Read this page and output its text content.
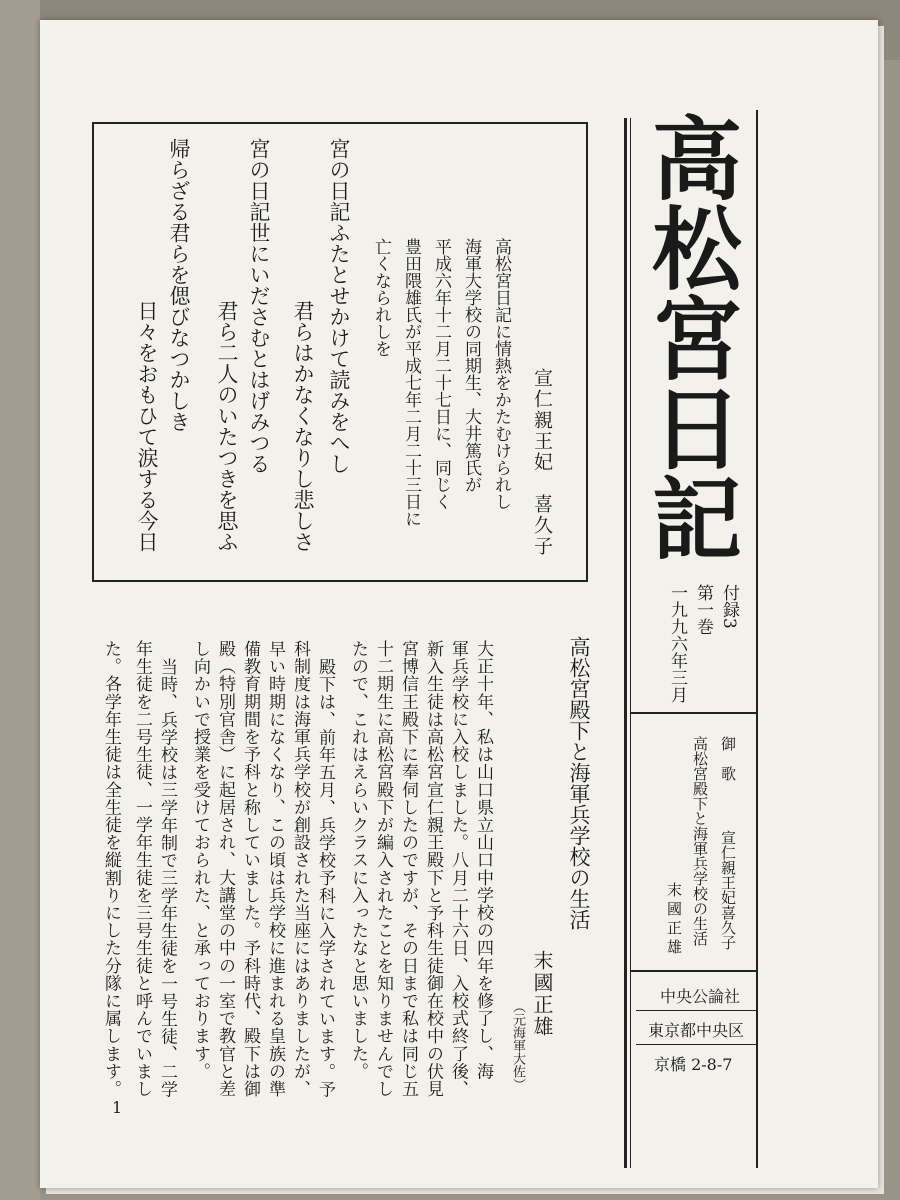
高松宮日記
付録3
第一巻
一九九六年三月
御　歌
宣仁親王妃喜久子
高松宮殿下と海軍兵学校の生活
末國正雄
中央公論社
東京都中央区
京橋 2-8-7
宣仁親王妃　喜久子
高松宮日記に情熱をかたむけられし
海軍大学校の同期生、大井篤氏が
平成六年十二月二十七日に、同じく
豊田隈雄氏が平成七年二月二十三日に
亡くなられしを
宮の日記ふたとせかけて読みをへし
君らはかなくなりし悲しさ
宮の日記世にいださむとはげみつる
君ら二人のいたつきを思ふ
帰らざる君らを偲びなつかしき
日々をおもひて涙する今日
高松宮殿下と海軍兵学校の生活
末國正雄
（元海軍大佐）
大正十年、私は山口県立山口中学校の四年を修了し、海
軍兵学校に入校しました。八月二十六日、入校式終了後、
新入生徒は高松宮宣仁親王殿下と予科生徒御在校中の伏見
宮博信王殿下に奉伺したのですが、その日まで私は同じ五
十二期生に高松宮殿下が編入されたことを知りませんでし
たので、これはえらいクラスに入ったなと思いました。
殿下は、前年五月、兵学校予科に入学されています。予
科制度は海軍兵学校が創設された当座にはありましたが、
早い時期になくなり、この頃は兵学校に進まれる皇族の準
備教育期間を予科と称していました。予科時代、殿下は御
殿（特別官舎）に起居され、大講堂の中の一室で教官と差
し向かいで授業を受けておられた、と承っております。
当時、兵学校は三学年制で三学年生徒を一号生徒、二学
年生徒を二号生徒、一学年生徒を三号生徒と呼んでいまし
た。各学年生徒は全生徒を縦割りにした分隊に属します。
1
